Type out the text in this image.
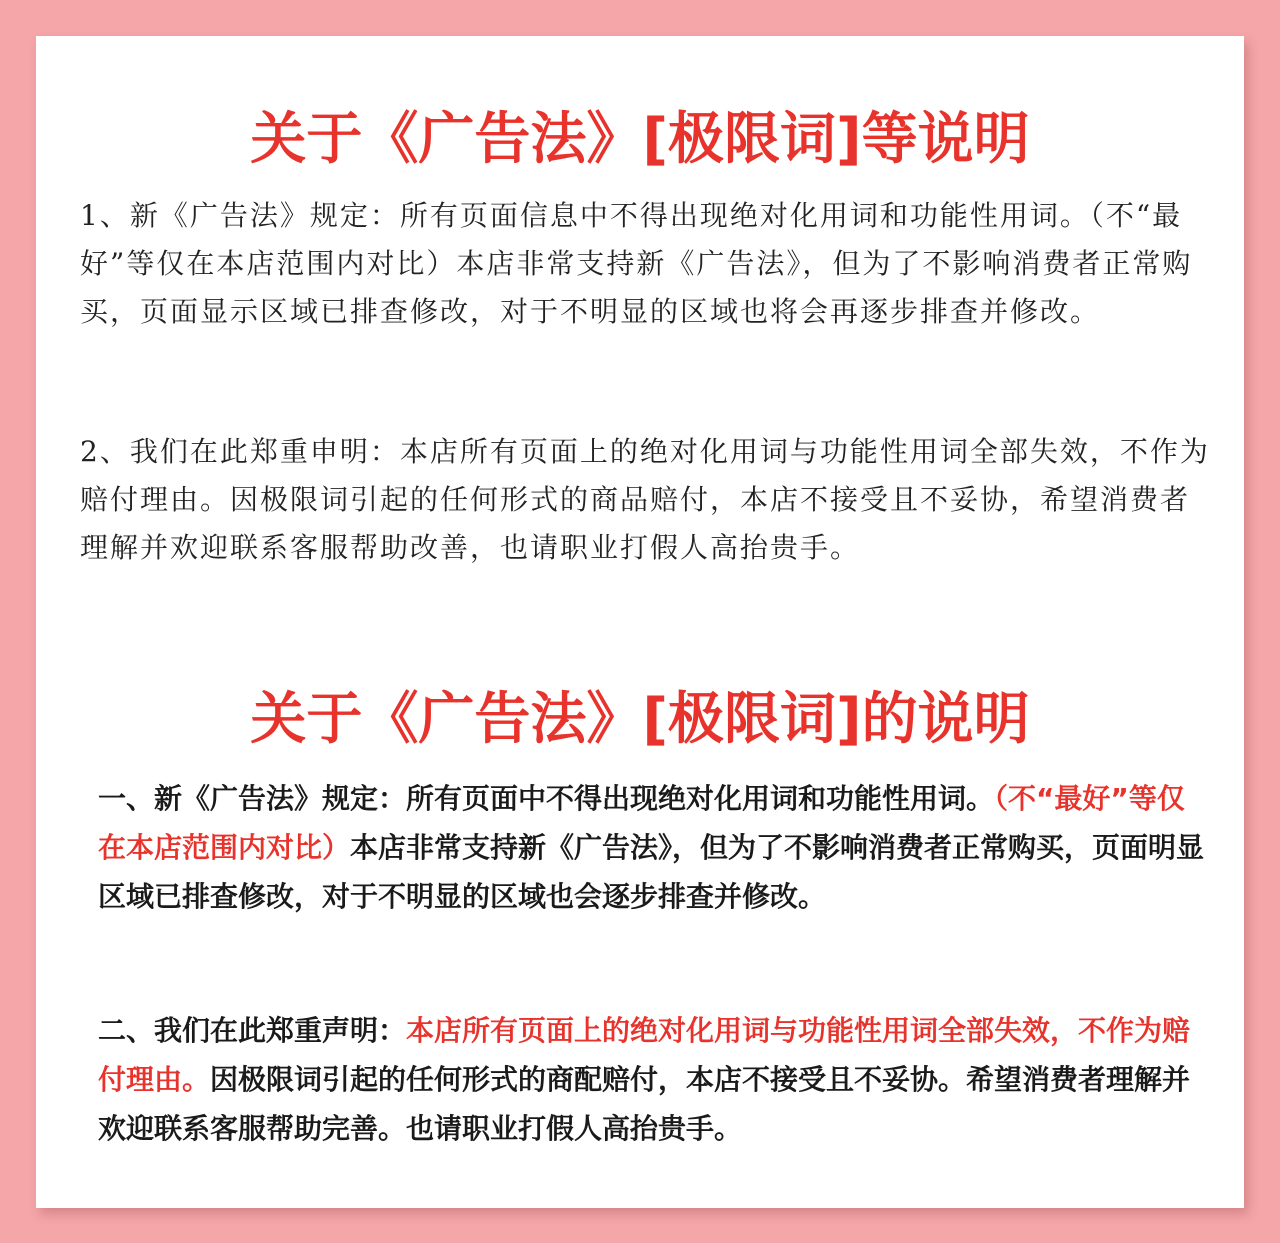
关于《广告法》[极限词]等说明

1、新《广告法》规定：所有页面信息中不得出现绝对化用词和功能性用词。（不“最好”等仅在本店范围内对比）本店非常支持新《广告法》，但为了不影响消费者正常购买，页面显示区域已排查修改，对于不明显的区域也将会再逐步排查并修改。

2、我们在此郑重申明：本店所有页面上的绝对化用词与功能性用词全部失效，不作为赔付理由。因极限词引起的任何形式的商品赔付，本店不接受且不妥协，希望消费者理解并欢迎联系客服帮助改善，也请职业打假人高抬贵手。

关于《广告法》[极限词]的说明

一、新《广告法》规定：所有页面中不得出现绝对化用词和功能性用词。（不“最好”等仅在本店范围内对比）本店非常支持新《广告法》，但为了不影响消费者正常购买，页面明显区域已排查修改，对于不明显的区域也会逐步排查并修改。

二、我们在此郑重声明：本店所有页面上的绝对化用词与功能性用词全部失效，不作为赔付理由。因极限词引起的任何形式的商配赔付，本店不接受且不妥协。希望消费者理解并欢迎联系客服帮助完善。也请职业打假人高抬贵手。
